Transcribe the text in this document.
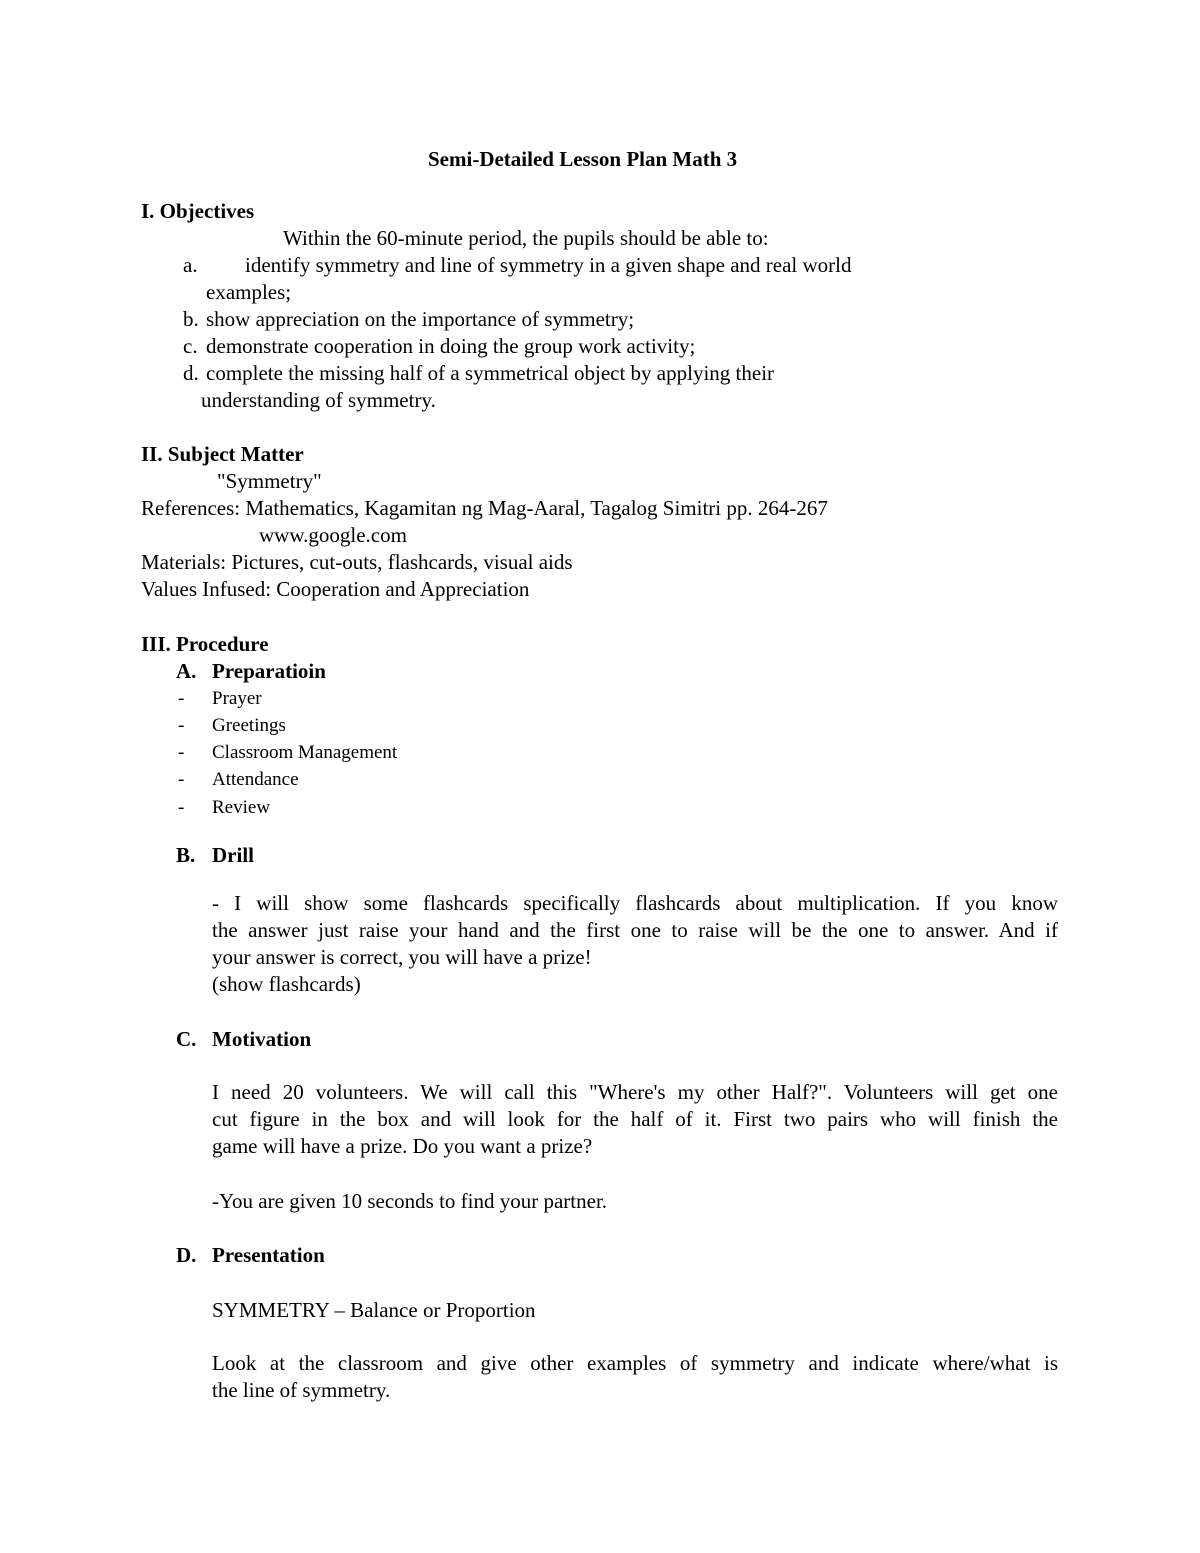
Semi-Detailed Lesson Plan Math 3
I. Objectives
Within the 60-minute period, the pupils should be able to:
a. identify symmetry and line of symmetry in a given shape and real world
examples;
b. show appreciation on the importance of symmetry;
c. demonstrate cooperation in doing the group work activity;
d. complete the missing half of a symmetrical object by applying their
understanding of symmetry.
II. Subject Matter
"Symmetry"
References: Mathematics, Kagamitan ng Mag-Aaral, Tagalog Simitri pp. 264-267
www.google.com
Materials: Pictures, cut-outs, flashcards, visual aids
Values Infused: Cooperation and Appreciation
III. Procedure
A. Preparatioin
- Prayer
- Greetings
- Classroom Management
- Attendance
- Review
B. Drill
- I will show some flashcards specifically flashcards about multiplication. If you know
the answer just raise your hand and the first one to raise will be the one to answer. And if
your answer is correct, you will have a prize!
(show flashcards)
C. Motivation
I need 20 volunteers. We will call this "Where's my other Half?". Volunteers will get one
cut figure in the box and will look for the half of it. First two pairs who will finish the
game will have a prize. Do you want a prize?
-You are given 10 seconds to find your partner.
D. Presentation
SYMMETRY – Balance or Proportion
Look at the classroom and give other examples of symmetry and indicate where/what is
the line of symmetry.
